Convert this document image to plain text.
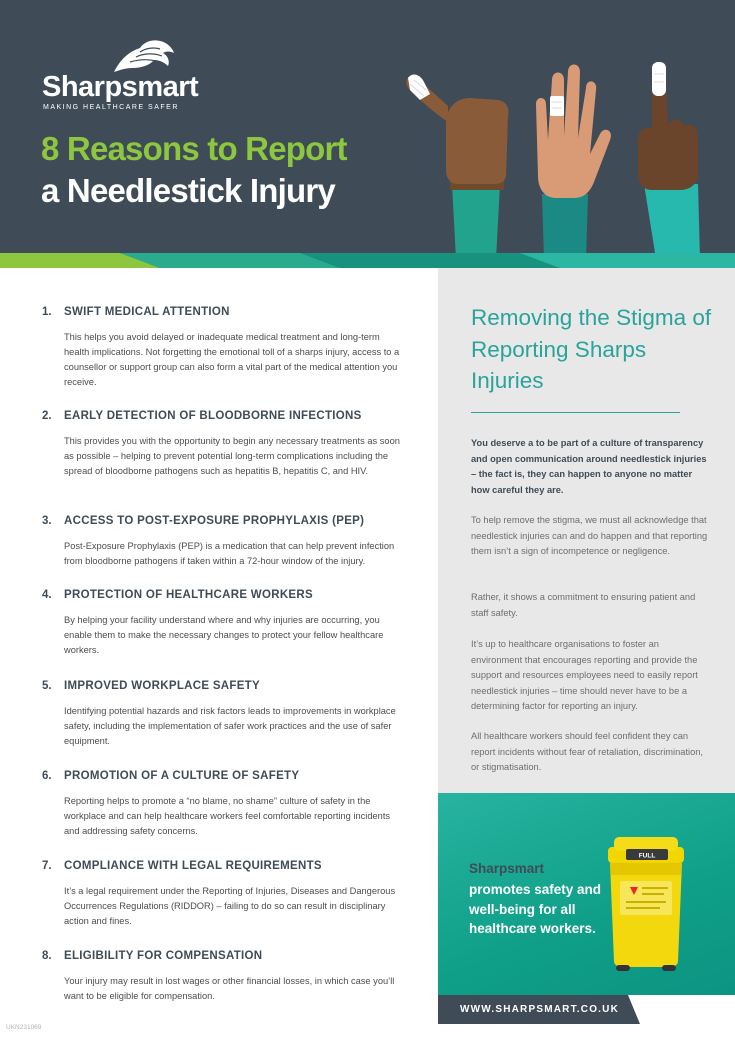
Sharpsmart
MAKING HEALTHCARE SAFER
8 Reasons to Report
a Needlestick Injury
1. SWIFT MEDICAL ATTENTION
This helps you avoid delayed or inadequate medical treatment and long-term health implications. Not forgetting the emotional toll of a sharps injury, access to a counsellor or support group can also form a vital part of the medical attention you receive.
2. EARLY DETECTION OF BLOODBORNE INFECTIONS
This provides you with the opportunity to begin any necessary treatments as soon as possible – helping to prevent potential long-term complications including the spread of bloodborne pathogens such as hepatitis B, hepatitis C, and HIV.
3. ACCESS TO POST-EXPOSURE PROPHYLAXIS (PEP)
Post-Exposure Prophylaxis (PEP) is a medication that can help prevent infection from bloodborne pathogens if taken within a 72-hour window of the injury.
4. PROTECTION OF HEALTHCARE WORKERS
By helping your facility understand where and why injuries are occurring, you enable them to make the necessary changes to protect your fellow healthcare workers.
5. IMPROVED WORKPLACE SAFETY
Identifying potential hazards and risk factors leads to improvements in workplace safety, including the implementation of safer work practices and the use of safer equipment.
6. PROMOTION OF A CULTURE OF SAFETY
Reporting helps to promote a “no blame, no shame” culture of safety in the workplace and can help healthcare workers feel comfortable reporting incidents and addressing safety concerns.
7. COMPLIANCE WITH LEGAL REQUIREMENTS
It’s a legal requirement under the Reporting of Injuries, Diseases and Dangerous Occurrences Regulations (RIDDOR) – failing to do so can result in disciplinary action and fines.
8. ELIGIBILITY FOR COMPENSATION
Your injury may result in lost wages or other financial losses, in which case you’ll want to be eligible for compensation.
Removing the Stigma of Reporting Sharps Injuries
You deserve a to be part of a culture of transparency and open communication around needlestick injuries – the fact is, they can happen to anyone no matter how careful they are.
To help remove the stigma, we must all acknowledge that needlestick injuries can and do happen and that reporting them isn’t a sign of incompetence or negligence.
Rather, it shows a commitment to ensuring patient and staff safety.
It’s up to healthcare organisations to foster an environment that encourages reporting and provide the support and resources employees need to easily report needlestick injuries – time should never have to be a determining factor for reporting an injury.
All healthcare workers should feel confident they can report incidents without fear of retaliation, discrimination, or stigmatisation.
Sharpsmart
promotes safety and well-being for all healthcare workers.
FULL
WWW.SHARPSMART.CO.UK
UKN231069
